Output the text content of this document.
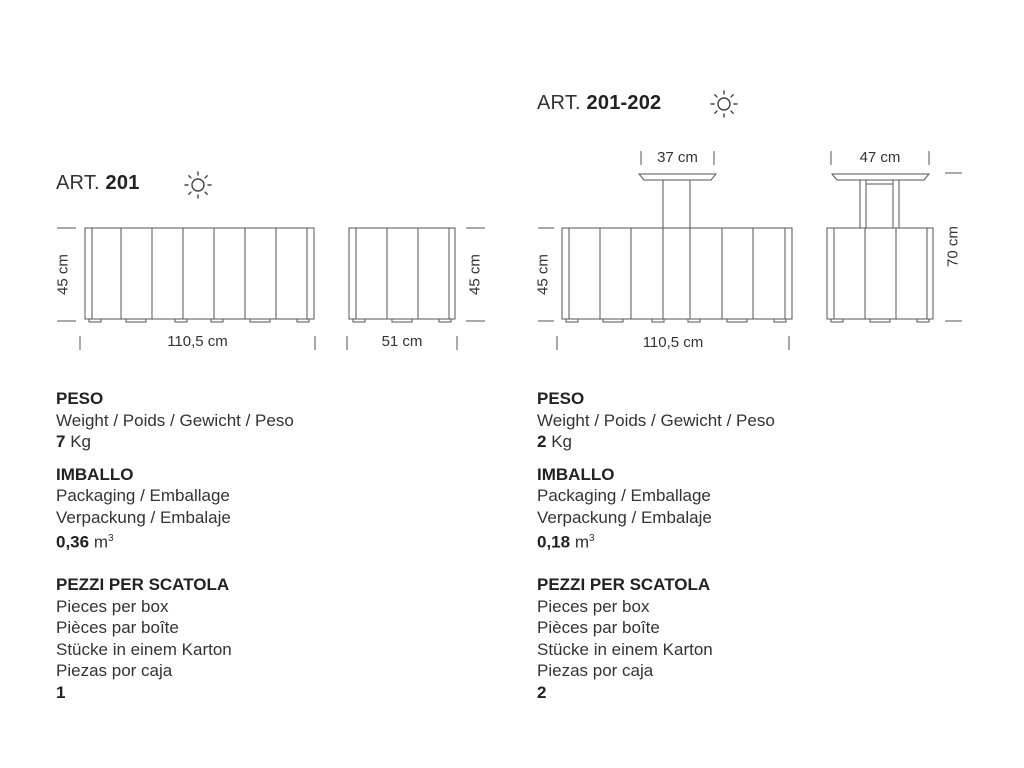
ART. 201
ART. 201-202
45 cm
110,5 cm
45 cm
51 cm
45 cm
110,5 cm
37 cm	47 cm
70 cm
PESO
Weight / Poids / Gewicht / Peso
7 Kg
IMBALLO
Packaging / Emballage
Verpackung / Embalaje
0,36 $m^3$
PEZZI PER SCATOLA
Pieces per box
Pièces par boîte
Stücke in einem Karton
Piezas por caja
1
PESO
Weight / Poids / Gewicht / Peso
2 Kg
IMBALLO
Packaging / Emballage
Verpackung / Embalaje
0,18 $m^3$
PEZZI PER SCATOLA
Pieces per box
Pièces par boîte
Stücke in einem Karton
Piezas por caja
2
